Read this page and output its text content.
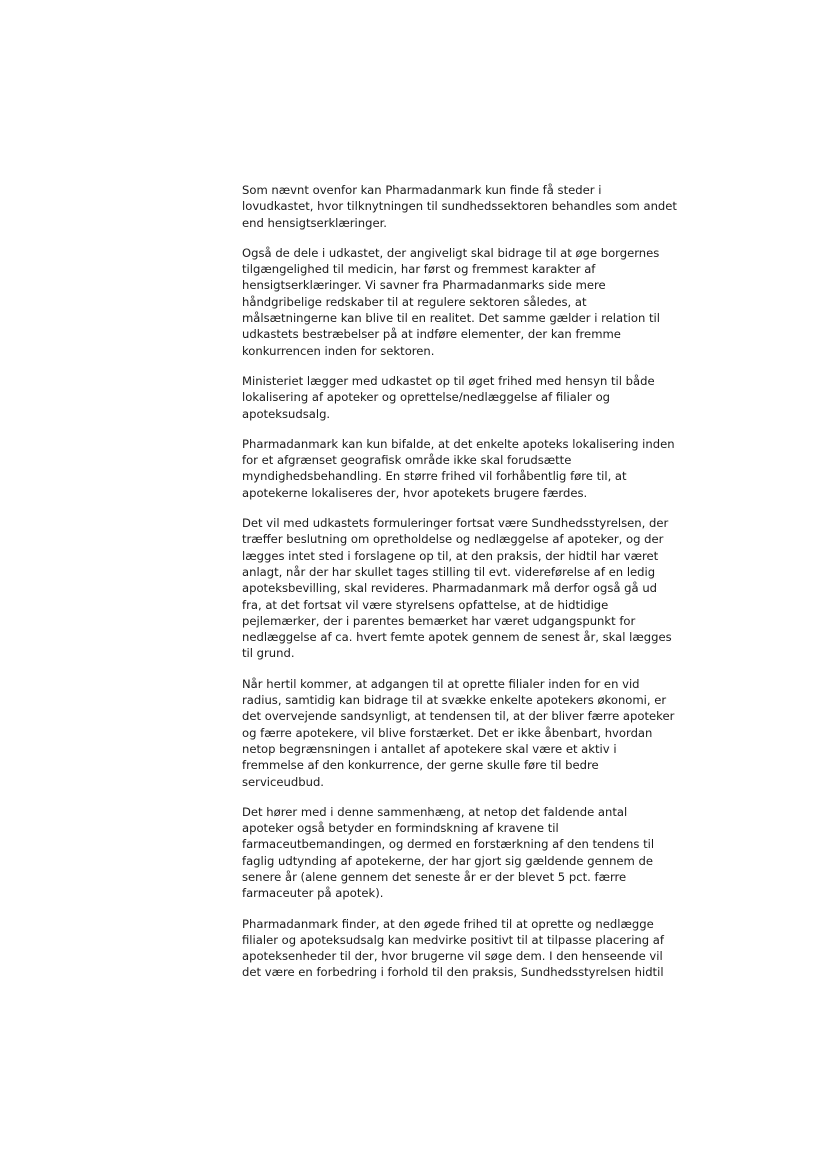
Som nævnt ovenfor kan Pharmadanmark kun finde få steder i
lovudkastet, hvor tilknytningen til sundhedssektoren behandles som andet
end hensigtserklæringer.

Også de dele i udkastet, der angiveligt skal bidrage til at øge borgernes
tilgængelighed til medicin, har først og fremmest karakter af
hensigtserklæringer. Vi savner fra Pharmadanmarks side mere
håndgribelige redskaber til at regulere sektoren således, at
målsætningerne kan blive til en realitet. Det samme gælder i relation til
udkastets bestræbelser på at indføre elementer, der kan fremme
konkurrencen inden for sektoren.

Ministeriet lægger med udkastet op til øget frihed med hensyn til både
lokalisering af apoteker og oprettelse/nedlæggelse af filialer og
apoteksudsalg.

Pharmadanmark kan kun bifalde, at det enkelte apoteks lokalisering inden
for et afgrænset geografisk område ikke skal forudsætte
myndighedsbehandling. En større frihed vil forhåbentlig føre til, at
apotekerne lokaliseres der, hvor apotekets brugere færdes.

Det vil med udkastets formuleringer fortsat være Sundhedsstyrelsen, der
træffer beslutning om opretholdelse og nedlæggelse af apoteker, og der
lægges intet sted i forslagene op til, at den praksis, der hidtil har været
anlagt, når der har skullet tages stilling til evt. videreførelse af en ledig
apoteksbevilling, skal revideres. Pharmadanmark må derfor også gå ud
fra, at det fortsat vil være styrelsens opfattelse, at de hidtidige
pejlemærker, der i parentes bemærket har været udgangspunkt for
nedlæggelse af ca. hvert femte apotek gennem de senest år, skal lægges
til grund.

Når hertil kommer, at adgangen til at oprette filialer inden for en vid
radius, samtidig kan bidrage til at svække enkelte apotekers økonomi, er
det overvejende sandsynligt, at tendensen til, at der bliver færre apoteker
og færre apotekere, vil blive forstærket. Det er ikke åbenbart, hvordan
netop begrænsningen i antallet af apotekere skal være et aktiv i
fremmelse af den konkurrence, der gerne skulle føre til bedre
serviceudbud.

Det hører med i denne sammenhæng, at netop det faldende antal
apoteker også betyder en formindskning af kravene til
farmaceutbemandingen, og dermed en forstærkning af den tendens til
faglig udtynding af apotekerne, der har gjort sig gældende gennem de
senere år (alene gennem det seneste år er der blevet 5 pct. færre
farmaceuter på apotek).

Pharmadanmark finder, at den øgede frihed til at oprette og nedlægge
filialer og apoteksudsalg kan medvirke positivt til at tilpasse placering af
apoteksenheder til der, hvor brugerne vil søge dem. I den henseende vil
det være en forbedring i forhold til den praksis, Sundhedsstyrelsen hidtil
